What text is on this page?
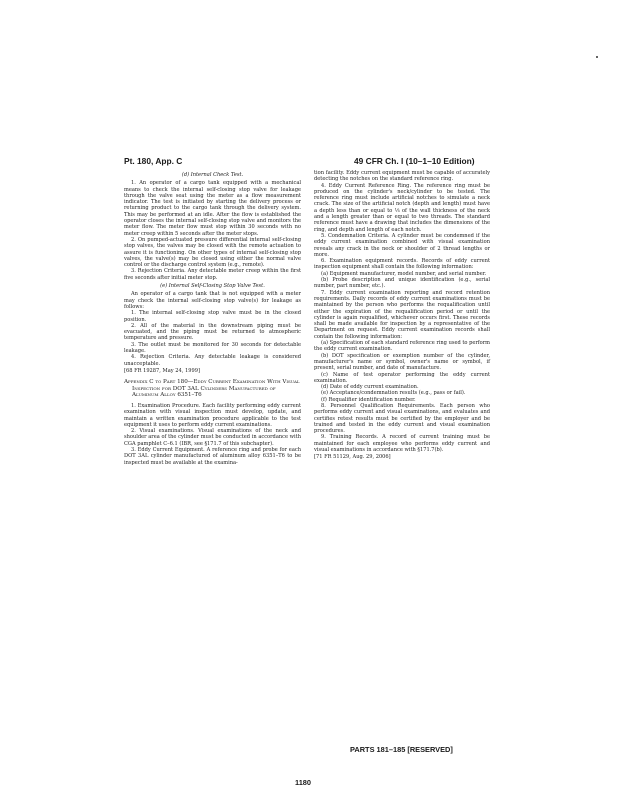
Pt. 180, App. C	49 CFR Ch. I (10–1–10 Edition)

(d) Internal Check Test.

1. An operator of a cargo tank equipped with a mechanical means to check the internal self-closing stop valve for leakage through the valve seat using the meter as a flow measurement indicator. The test is initiated by starting the delivery process or returning product to the cargo tank through the delivery system. This may be performed at an idle. After the flow is established the operator closes the internal self-closing stop valve and monitors the meter flow. The meter flow must stop within 30 seconds with no meter creep within 5 seconds after the meter stops.

2. On pumped-actuated pressure differential internal self-closing stop valves, the valves may be closed with the remote actuation to assure it is functioning. On other types of internal self-closing stop valves, the valve(s) may be closed using either the normal valve control or the discharge control system (e.g., remote).

3. Rejection Criteria. Any detectable meter creep within the first five seconds after initial meter stop.

(e) Internal Self-Closing Stop Valve Test.

An operator of a cargo tank that is not equipped with a meter may check the internal self-closing stop valve(s) for leakage as follows:

1. The internal self-closing stop valve must be in the closed position.

2. All of the material in the downstream piping must be evacuated, and the piping must be returned to atmospheric temperature and pressure.

3. The outlet must be monitored for 30 seconds for detectable leakage.

4. Rejection Criteria. Any detectable leakage is considered unacceptable.

[68 FR 19287, May 24, 1999]

Appendix C to Part 180—Eddy Current Examination With Visual Inspection for DOT 3AL Cylinders Manufactured of Aluminum Alloy 6351–T6

1. Examination Procedure. Each facility performing eddy current examination with visual inspection must develop, update, and maintain a written examination procedure applicable to the test equipment it uses to perform eddy current examinations.

2. Visual examinations. Visual examinations of the neck and shoulder area of the cylinder must be conducted in accordance with CGA pamphlet C–6.1 (IBR, see §171.7 of this subchapter).

3. Eddy Current Equipment. A reference ring and probe for each DOT 3AL cylinder manufactured of aluminum alloy 6351–T6 to be inspected must be available at the examina-

tion facility. Eddy current equipment must be capable of accurately detecting the notches on the standard reference ring.

4. Eddy Current Reference Ring. The reference ring must be produced on the cylinder's neck/cylinder to be tested. The reference ring must include artificial notches to simulate a neck crack. The size of the artificial notch (depth and length) must have a depth less than or equal to ⅓ of the wall thickness of the neck and a length greater than or equal to two threads. The standard reference must have a drawing that includes the dimensions of the ring, and depth and length of each notch.

5. Condemnation Criteria. A cylinder must be condemned if the eddy current examination combined with visual examination reveals any crack in the neck or shoulder of 2 thread lengths or more.

6. Examination equipment records. Records of eddy current inspection equipment shall contain the following information:

(a) Equipment manufacturer, model number, and serial number.

(b) Probe description and unique identification (e.g., serial number, part number, etc.).

7. Eddy current examination reporting and record retention requirements. Daily records of eddy current examinations must be maintained by the person who performs the requalification until either the expiration of the requalification period or until the cylinder is again requalified, whichever occurs first. These records shall be made available for inspection by a representative of the Department on request. Eddy current examination records shall contain the following information:

(a) Specification of each standard reference ring used to perform the eddy current examination.

(b) DOT specification or exemption number of the cylinder, manufacturer's name or symbol, owner's name or symbol, if present, serial number, and date of manufacture.

(c) Name of test operator performing the eddy current examination.

(d) Date of eddy current examination.

(e) Acceptance/condemnation results (e.g., pass or fail).

(f) Requalifier identification number.

8. Personnel Qualification Requirements. Each person who performs eddy current and visual examinations, and evaluates and certifies retest results must be certified by the employer and be trained and tested in the eddy current and visual examination procedures.

9. Training Records. A record of current training must be maintained for each employee who performs eddy current and visual examinations in accordance with §171.7(b).

[71 FR 51129, Aug. 29, 2006]

PARTS 181–185 [RESERVED]
1180
